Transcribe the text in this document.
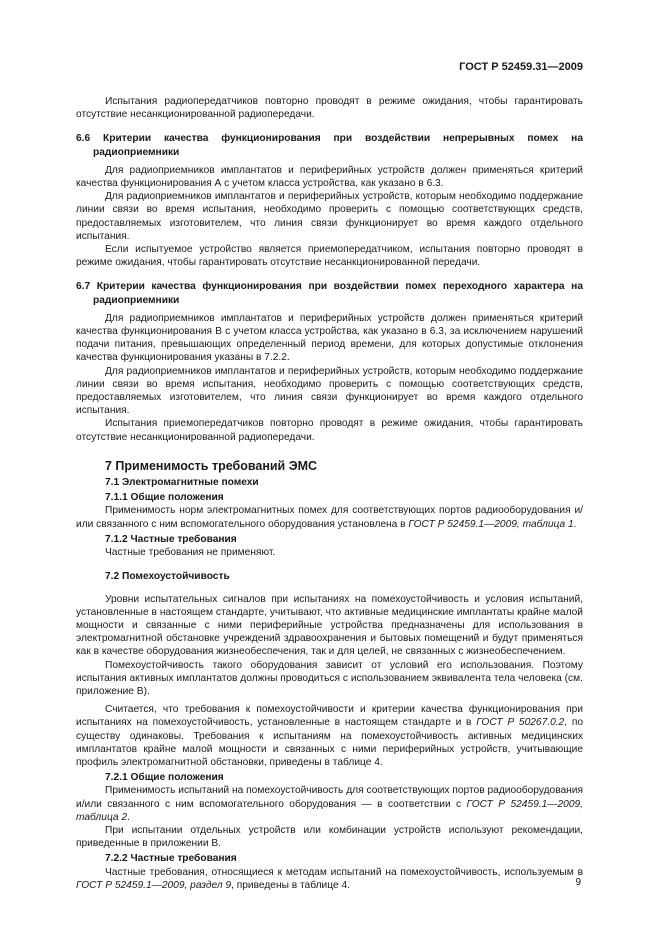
ГОСТ Р 52459.31—2009

Испытания радиопередатчиков повторно проводят в режиме ожидания, чтобы гарантировать отсутствие несанкционированной радиопередачи.

6.6 Критерии качества функционирования при воздействии непрерывных помех на радиоприемники

Для радиоприемников имплантатов и периферийных устройств должен применяться критерий качества функционирования А с учетом класса устройства, как указано в 6.3.

Для радиоприемников имплантатов и периферийных устройств, которым необходимо поддержание линии связи во время испытания, необходимо проверить с помощью соответствующих средств, предоставляемых изготовителем, что линия связи функционирует во время каждого отдельного испытания.

Если испытуемое устройство является приемопередатчиком, испытания повторно проводят в режиме ожидания, чтобы гарантировать отсутствие несанкционированной передачи.

6.7 Критерии качества функционирования при воздействии помех переходного характера на радиоприемники

Для радиоприемников имплантатов и периферийных устройств должен применяться критерий качества функционирования В с учетом класса устройства, как указано в 6.3, за исключением нарушений подачи питания, превышающих определенный период времени, для которых допустимые отклонения качества функционирования указаны в 7.2.2.

Для радиоприемников имплантатов и периферийных устройств, которым необходимо поддержание линии связи во время испытания, необходимо проверить с помощью соответствующих средств, предоставляемых изготовителем, что линия связи функционирует во время каждого отдельного испытания.

Испытания приемопередатчиков повторно проводят в режиме ожидания, чтобы гарантировать отсутствие несанкционированной радиопередачи.

7 Применимость требований ЭМС

7.1 Электромагнитные помехи

7.1.1 Общие положения

Применимость норм электромагнитных помех для соответствующих портов радиооборудования и/или связанного с ним вспомогательного оборудования установлена в ГОСТ Р 52459.1—2009, таблица 1.

7.1.2 Частные требования

Частные требования не применяют.

7.2 Помехоустойчивость

Уровни испытательных сигналов при испытаниях на помехоустойчивость и условия испытаний, установленные в настоящем стандарте, учитывают, что активные медицинские имплантаты крайне малой мощности и связанные с ними периферийные устройства предназначены для использования в электромагнитной обстановке учреждений здравоохранения и бытовых помещений и будут применяться как в качестве оборудования жизнеобеспечения, так и для целей, не связанных с жизнеобеспечением.

Помехоустойчивость такого оборудования зависит от условий его использования. Поэтому испытания активных имплантатов должны проводиться с использованием эквивалента тела человека (см. приложение В).

Считается, что требования к помехоустойчивости и критерии качества функционирования при испытаниях на помехоустойчивость, установленные в настоящем стандарте и в ГОСТ Р 50267.0.2, по существу одинаковы. Требования к испытаниям на помехоустойчивость активных медицинских имплантатов крайне малой мощности и связанных с ними периферийных устройств, учитывающие профиль электромагнитной обстановки, приведены в таблице 4.

7.2.1 Общие положения

Применимость испытаний на помехоустойчивость для соответствующих портов радиооборудования и/или связанного с ним вспомогательного оборудования — в соответствии с ГОСТ Р 52459.1—2009, таблица 2.

При испытании отдельных устройств или комбинации устройств используют рекомендации, приведенные в приложении В.

7.2.2 Частные требования

Частные требования, относящиеся к методам испытаний на помехоустойчивость, используемым в ГОСТ Р 52459.1—2009, раздел 9, приведены в таблице 4.	9
